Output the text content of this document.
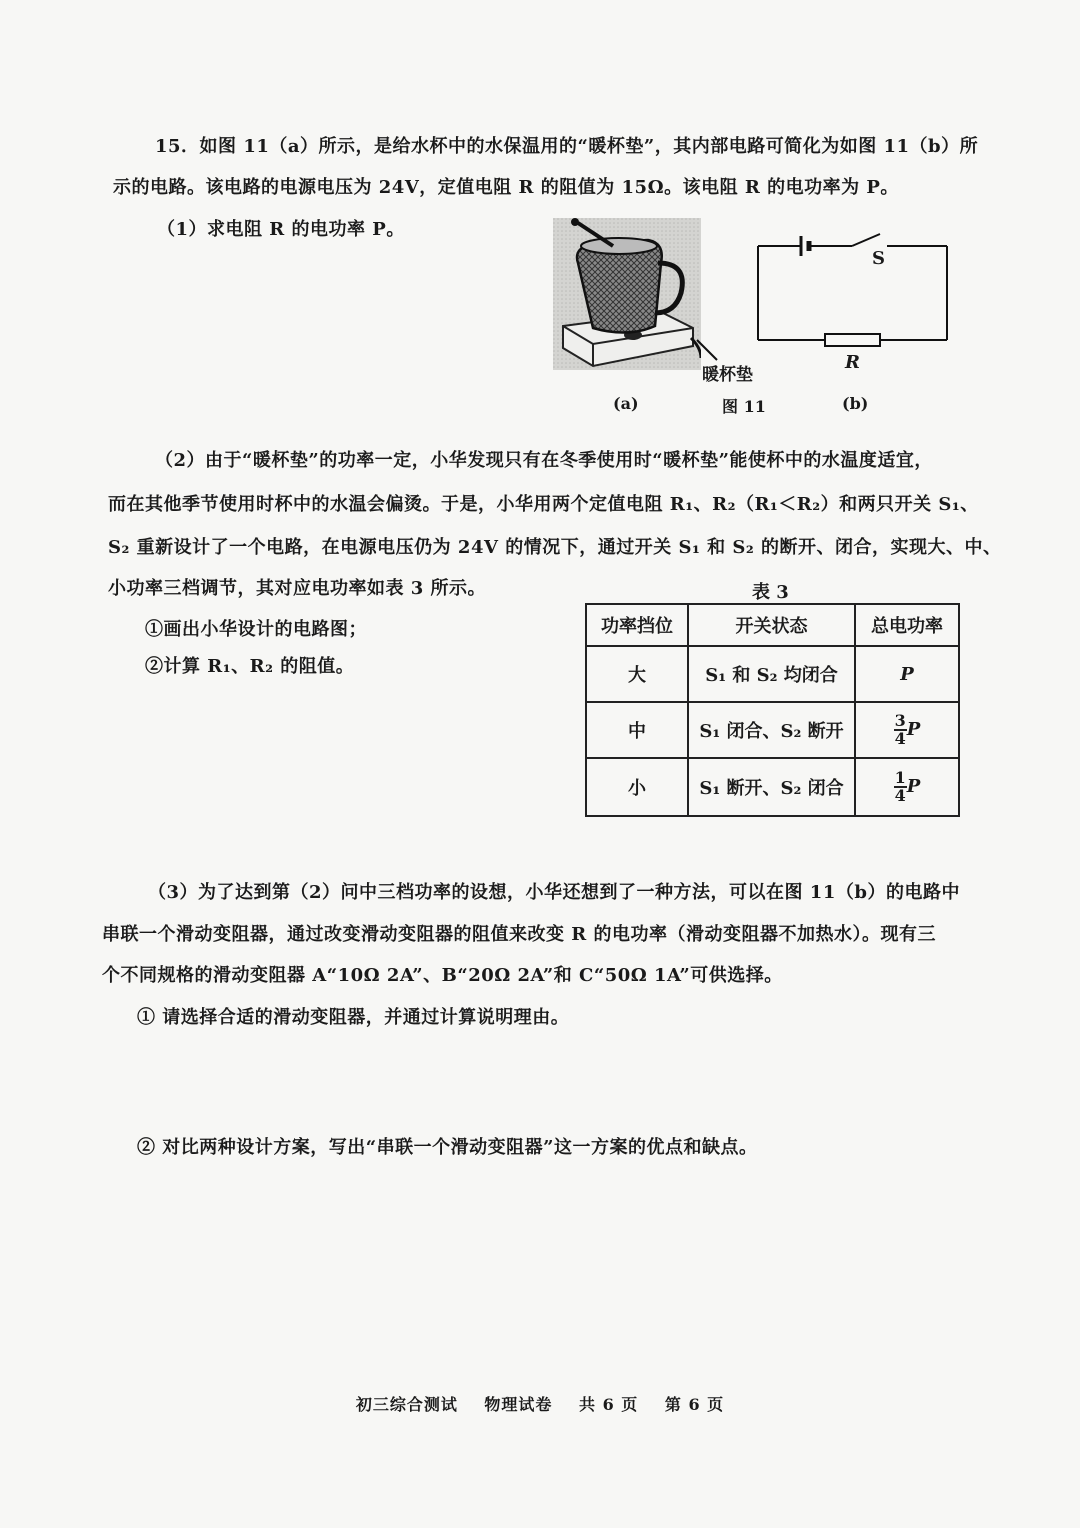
15．如图 11（a）所示，是给水杯中的水保温用的“暖杯垫”，其内部电路可简化为如图 11（b）所
示的电路。该电路的电源电压为 24V，定值电阻 R 的阻值为 15Ω。该电阻 R 的电功率为 P。
（1）求电阻 R 的电功率 P。
暖杯垫
(a)	图 11	(b)
S
R
（2）由于“暖杯垫”的功率一定，小华发现只有在冬季使用时“暖杯垫”能使杯中的水温度适宜，
而在其他季节使用时杯中的水温会偏烫。于是，小华用两个定值电阻 R₁、R₂（R₁＜R₂）和两只开关 S₁、
S₂ 重新设计了一个电路，在电源电压仍为 24V 的情况下，通过开关 S₁ 和 S₂ 的断开、闭合，实现大、中、
小功率三档调节，其对应电功率如表 3 所示。
①画出小华设计的电路图；
②计算 R₁、R₂ 的阻值。
表 3
功率挡位	开关状态	总电功率
大	S₁ 和 S₂ 均闭合	P
中	S₁ 闭合、S₂ 断开	$\frac{3}{4}$ P
小	S₁ 断开、S₂ 闭合	$\frac{1}{4}$ P
（3）为了达到第（2）问中三档功率的设想，小华还想到了一种方法，可以在图 11（b）的电路中
串联一个滑动变阻器，通过改变滑动变阻器的阻值来改变 R 的电功率（滑动变阻器不加热水）。现有三
个不同规格的滑动变阻器 A“10Ω 2A”、B“20Ω 2A”和 C“50Ω 1A”可供选择。
① 请选择合适的滑动变阻器，并通过计算说明理由。
② 对比两种设计方案，写出“串联一个滑动变阻器”这一方案的优点和缺点。
初三综合测试 物理试卷 共 6 页 第 6 页
